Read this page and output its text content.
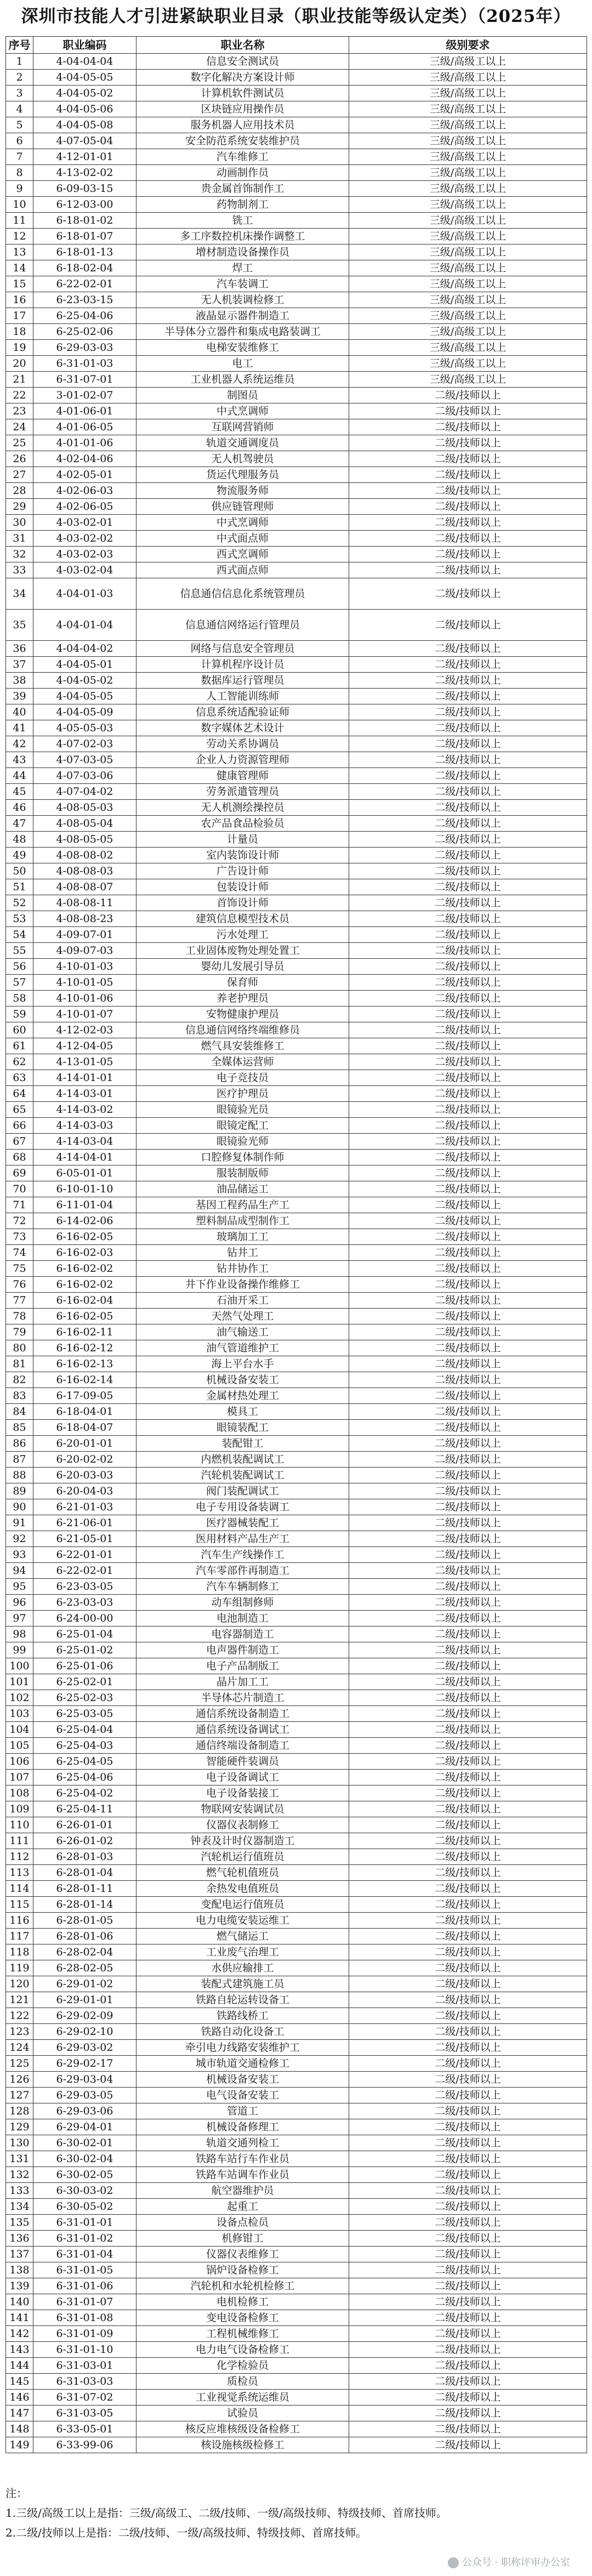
深圳市技能人才引进紧缺职业目录（职业技能等级认定类）（2025年）
序号	职业编码	职业名称	级别要求
1	4-04-04-04	信息安全测试员	三级/高级工以上
2	4-04-05-05	数字化解决方案设计师	三级/高级工以上
3	4-04-05-02	计算机软件测试员	三级/高级工以上
4	4-04-05-06	区块链应用操作员	三级/高级工以上
5	4-04-05-08	服务机器人应用技术员	三级/高级工以上
6	4-07-05-04	安全防范系统安装维护员	三级/高级工以上
7	4-12-01-01	汽车维修工	三级/高级工以上
8	4-13-02-02	动画制作员	三级/高级工以上
9	6-09-03-15	贵金属首饰制作工	三级/高级工以上
10	6-12-03-00	药物制剂工	三级/高级工以上
11	6-18-01-02	铣工	三级/高级工以上
12	6-18-01-07	多工序数控机床操作调整工	三级/高级工以上
13	6-18-01-13	增材制造设备操作员	三级/高级工以上
14	6-18-02-04	焊工	三级/高级工以上
15	6-22-02-01	汽车装调工	三级/高级工以上
16	6-23-03-15	无人机装调检修工	三级/高级工以上
17	6-25-04-06	液晶显示器件制造工	三级/高级工以上
18	6-25-02-06	半导体分立器件和集成电路装调工	三级/高级工以上
19	6-29-03-03	电梯安装维修工	三级/高级工以上
20	6-31-01-03	电工	三级/高级工以上
21	6-31-07-01	工业机器人系统运维员	三级/高级工以上
22	3-01-02-07	制图员	二级/技师以上
23	4-01-06-01	中式烹调师	二级/技师以上
24	4-01-06-05	互联网营销师	二级/技师以上
25	4-01-01-06	轨道交通调度员	二级/技师以上
26	4-02-04-06	无人机驾驶员	二级/技师以上
27	4-02-05-01	货运代理服务员	二级/技师以上
28	4-02-06-03	物流服务师	二级/技师以上
29	4-02-06-05	供应链管理师	二级/技师以上
30	4-03-02-01	中式烹调师	二级/技师以上
31	4-03-02-02	中式面点师	二级/技师以上
32	4-03-02-03	西式烹调师	二级/技师以上
33	4-03-02-04	西式面点师	二级/技师以上
34	4-04-01-03	信息通信信息化系统管理员	二级/技师以上
35	4-04-01-04	信息通信网络运行管理员	二级/技师以上
36	4-04-04-02	网络与信息安全管理员	二级/技师以上
37	4-04-05-01	计算机程序设计员	二级/技师以上
38	4-04-05-02	数据库运行管理员	二级/技师以上
39	4-04-05-05	人工智能训练师	二级/技师以上
40	4-04-05-09	信息系统适配验证师	二级/技师以上
41	4-05-05-03	数字媒体艺术设计	二级/技师以上
42	4-07-02-03	劳动关系协调员	二级/技师以上
43	4-07-03-05	企业人力资源管理师	二级/技师以上
44	4-07-03-06	健康管理师	二级/技师以上
45	4-07-04-02	劳务派遣管理员	二级/技师以上
46	4-08-05-03	无人机测绘操控员	二级/技师以上
47	4-08-05-04	农产品食品检验员	二级/技师以上
48	4-08-05-05	计量员	二级/技师以上
49	4-08-08-02	室内装饰设计师	二级/技师以上
50	4-08-08-03	广告设计师	二级/技师以上
51	4-08-08-07	包装设计师	二级/技师以上
52	4-08-08-11	首饰设计师	二级/技师以上
53	4-08-08-23	建筑信息模型技术员	二级/技师以上
54	4-09-07-01	污水处理工	二级/技师以上
55	4-09-07-03	工业固体废物处理处置工	二级/技师以上
56	4-10-01-03	婴幼儿发展引导员	二级/技师以上
57	4-10-01-05	保育师	二级/技师以上
58	4-10-01-06	养老护理员	二级/技师以上
59	4-10-01-07	安物健康护理员	二级/技师以上
60	4-12-02-03	信息通信网络终端维修员	二级/技师以上
61	4-12-04-05	燃气具安装维修工	二级/技师以上
62	4-13-01-05	全媒体运营师	二级/技师以上
63	4-14-01-01	电子竞技员	二级/技师以上
64	4-14-03-01	医疗护理员	二级/技师以上
65	4-14-03-02	眼镜验光员	二级/技师以上
66	4-14-03-03	眼镜定配工	二级/技师以上
67	4-14-03-04	眼镜验光师	二级/技师以上
68	4-14-04-01	口腔修复体制作师	二级/技师以上
69	6-05-01-01	服装制版师	二级/技师以上
70	6-10-01-10	油品储运工	二级/技师以上
71	6-11-01-04	基因工程药品生产工	二级/技师以上
72	6-14-02-06	塑料制品成型制作工	二级/技师以上
73	6-16-02-05	玻璃加工工	二级/技师以上
74	6-16-02-03	钻井工	二级/技师以上
75	6-16-02-02	钻井协作工	二级/技师以上
76	6-16-02-02	井下作业设备操作维修工	二级/技师以上
77	6-16-02-04	石油开采工	二级/技师以上
78	6-16-02-05	天然气处理工	二级/技师以上
79	6-16-02-11	油气输送工	二级/技师以上
80	6-16-02-12	油气管道维护工	二级/技师以上
81	6-16-02-13	海上平台水手	二级/技师以上
82	6-16-02-14	机械设备安装工	二级/技师以上
83	6-17-09-05	金属材热处理工	二级/技师以上
84	6-18-04-01	模具工	二级/技师以上
85	6-18-04-07	眼镜装配工	二级/技师以上
86	6-20-01-01	装配钳工	二级/技师以上
87	6-20-02-02	内燃机装配调试工	二级/技师以上
88	6-20-03-03	汽轮机装配调试工	二级/技师以上
89	6-20-04-03	阀门装配调试工	二级/技师以上
90	6-21-01-03	电子专用设备装调工	二级/技师以上
91	6-21-06-01	医疗器械装配工	二级/技师以上
92	6-21-05-01	医用材料产品生产工	二级/技师以上
93	6-22-01-01	汽车生产线操作工	二级/技师以上
94	6-22-02-01	汽车零部件再制造工	二级/技师以上
95	6-23-03-05	汽车车辆制修工	二级/技师以上
96	6-23-03-03	动车组制修师	二级/技师以上
97	6-24-00-00	电池制造工	二级/技师以上
98	6-25-01-04	电容器制造工	二级/技师以上
99	6-25-01-02	电声器件制造工	二级/技师以上
100	6-25-01-06	电子产品制版工	二级/技师以上
101	6-25-02-01	晶片加工工	二级/技师以上
102	6-25-02-03	半导体芯片制造工	二级/技师以上
103	6-25-03-05	通信系统设备制造工	二级/技师以上
104	6-25-04-04	通信系统设备调试工	二级/技师以上
105	6-25-04-03	通信终端设备制造工	二级/技师以上
106	6-25-04-05	智能硬件装调员	二级/技师以上
107	6-25-04-06	电子设备调试工	二级/技师以上
108	6-25-04-02	电子设备装接工	二级/技师以上
109	6-25-04-11	物联网安装调试员	二级/技师以上
110	6-26-01-01	仪器仪表制修工	二级/技师以上
111	6-26-01-02	钟表及计时仪器制造工	二级/技师以上
112	6-28-01-03	汽轮机运行值班员	二级/技师以上
113	6-28-01-04	燃气轮机值班员	二级/技师以上
114	6-28-01-11	余热发电值班员	二级/技师以上
115	6-28-01-14	变配电运行值班员	二级/技师以上
116	6-28-01-05	电力电缆安装运维工	二级/技师以上
117	6-28-01-06	燃气储运工	二级/技师以上
118	6-28-02-04	工业废气治理工	二级/技师以上
119	6-28-02-05	水供应输排工	二级/技师以上
120	6-29-01-02	装配式建筑施工员	二级/技师以上
121	6-29-01-01	铁路自轮运转设备工	二级/技师以上
122	6-29-02-09	铁路线桥工	二级/技师以上
123	6-29-02-10	铁路自动化设备工	二级/技师以上
124	6-29-03-02	牵引电力线路安装维护工	二级/技师以上
125	6-29-02-17	城市轨道交通检修工	二级/技师以上
126	6-29-03-04	机械设备安装工	二级/技师以上
127	6-29-03-05	电气设备安装工	二级/技师以上
128	6-29-03-06	管道工	二级/技师以上
129	6-29-04-01	机械设备修理工	二级/技师以上
130	6-30-02-01	轨道交通列检工	二级/技师以上
131	6-30-02-04	铁路车站行车作业员	二级/技师以上
132	6-30-02-05	铁路车站调车作业员	二级/技师以上
133	6-30-03-02	航空器维护员	二级/技师以上
134	6-30-05-02	起重工	二级/技师以上
135	6-31-01-01	设备点检员	二级/技师以上
136	6-31-01-02	机修钳工	二级/技师以上
137	6-31-01-04	仪器仪表维修工	二级/技师以上
138	6-31-01-05	锅炉设备检修工	二级/技师以上
139	6-31-01-06	汽轮机和水轮机检修工	二级/技师以上
140	6-31-01-07	电机检修工	二级/技师以上
141	6-31-01-08	变电设备检修工	二级/技师以上
142	6-31-01-09	工程机械维修工	二级/技师以上
143	6-31-01-10	电力电气设备检修工	二级/技师以上
144	6-31-03-01	化学检验员	二级/技师以上
145	6-31-03-03	质检员	二级/技师以上
146	6-31-07-02	工业视觉系统运维员	二级/技师以上
147	6-31-03-05	试验员	二级/技师以上
148	6-33-05-01	核反应堆核级设备检修工	二级/技师以上
149	6-33-99-06	核设施核级检修工	二级/技师以上
注：
1.三级/高级工以上是指：三级/高级工、二级/技师、一级/高级技师、特级技师、首席技师。
2.二级/技师以上是指：二级/技师、一级/高级技师、特级技师、首席技师。
公众号 · 职称评审办公室
